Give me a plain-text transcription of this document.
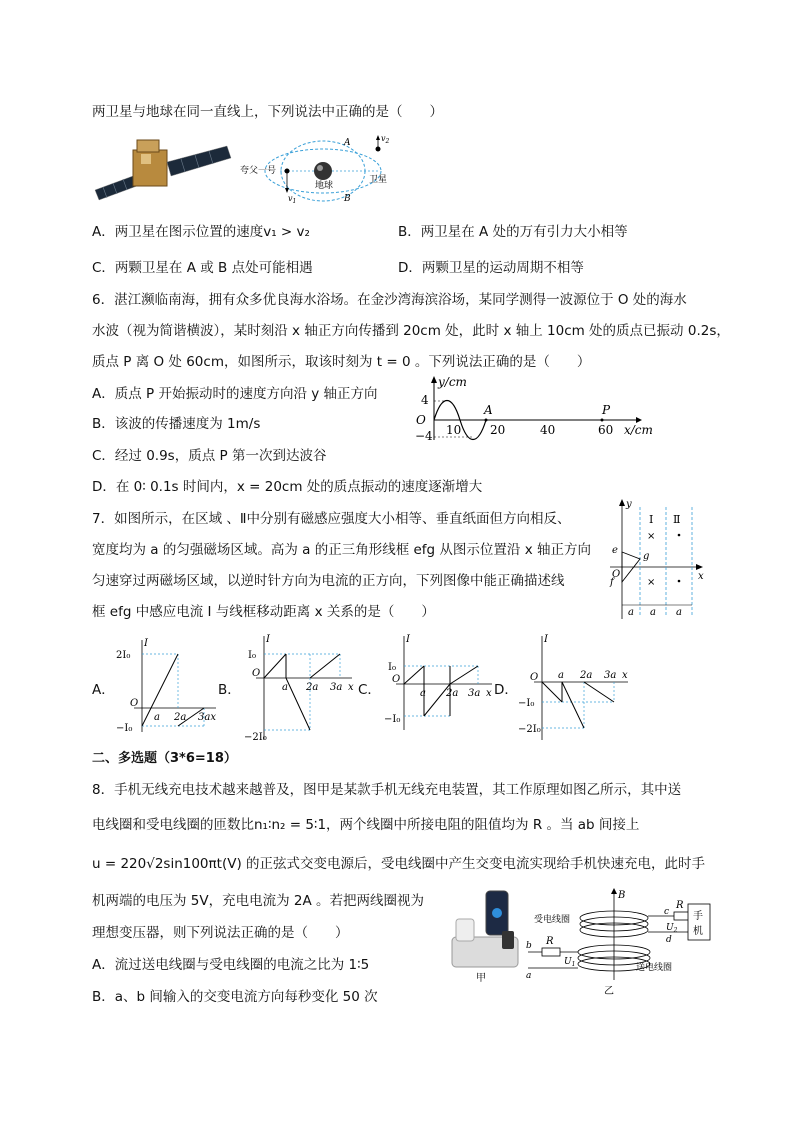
两卫星与地球在同一直线上，下列说法中正确的是（　　）
夸父一号
地球
卫星
A
B
$v_1$
$v_2$
A．两卫星在图示位置的速度v₁ > v₂	B．两卫星在 A 处的万有引力大小相等
C．两颗卫星在 A 或 B 点处可能相遇	D．两颗卫星的运动周期不相等
6．湛江濒临南海，拥有众多优良海水浴场。在金沙湾海滨浴场，某同学测得一波源位于 O 处的海水
水波（视为简谐横波），某时刻沿 x 轴正方向传播到 20cm 处，此时 x 轴上 10cm 处的质点已振动 0.2s，
质点 P 离 O 处 60cm，如图所示，取该时刻为 t = 0 。下列说法正确的是（　　）
A．质点 P 开始振动时的速度方向沿 y 轴正方向
B．该波的传播速度为 1m/s
C．经过 0.9s，质点 P 第一次到达波谷
D．在 0∶ 0.1s 时间内，x = 20cm 处的质点振动的速度逐渐增大
y/cm
O
4
−4 10 20	40	60
A	P
x/cm
7．如图所示，在区域 、Ⅱ中分别有磁感应强度大小相等、垂直纸面但方向相反、
宽度均为 a 的匀强磁场区域。高为 a 的正三角形线框 efg 从图示位置沿 x 轴正方向
匀速穿过两磁场区域，以逆时针方向为电流的正方向，下列图像中能正确描述线
框 efg 中感应电流 I 与线框移动距离 x 关系的是（　　）
×
×
Ⅰ Ⅱ
y
x
O
e
f
g
a a a
A．
I
2I₀
−I₀
O
a 2a 3ax
B．
I
I₀
−2I₀
O
a 2a 3a x C．
I
I₀
−I₀
O
a 2a 3a x D．
I
−I₀
−2I₀
O a 2a 3a x
二、多选题（3*6=18）
8．手机无线充电技术越来越普及，图甲是某款手机无线充电装置，其工作原理如图乙所示，其中送
电线圈和受电线圈的匝数比n₁∶n₂ = 5∶1，两个线圈中所接电阻的阻值均为 R 。当 ab 间接上
u = 220√2sin100πt(V) 的正弦式交变电源后，受电线圈中产生交变电流实现给手机快速充电，此时手
机两端的电压为 5V，充电电流为 2A 。若把两线圈视为
理想变压器，则下列说法正确的是（　　）
A．流过送电线圈与受电线圈的电流之比为 1∶5
B．a、b 间输入的交变电流方向每秒变化 50 次
甲
B
受电线圈
送电线圈
手
机
R
c
d
$U_2$
R
b
a
$U_1$
乙
